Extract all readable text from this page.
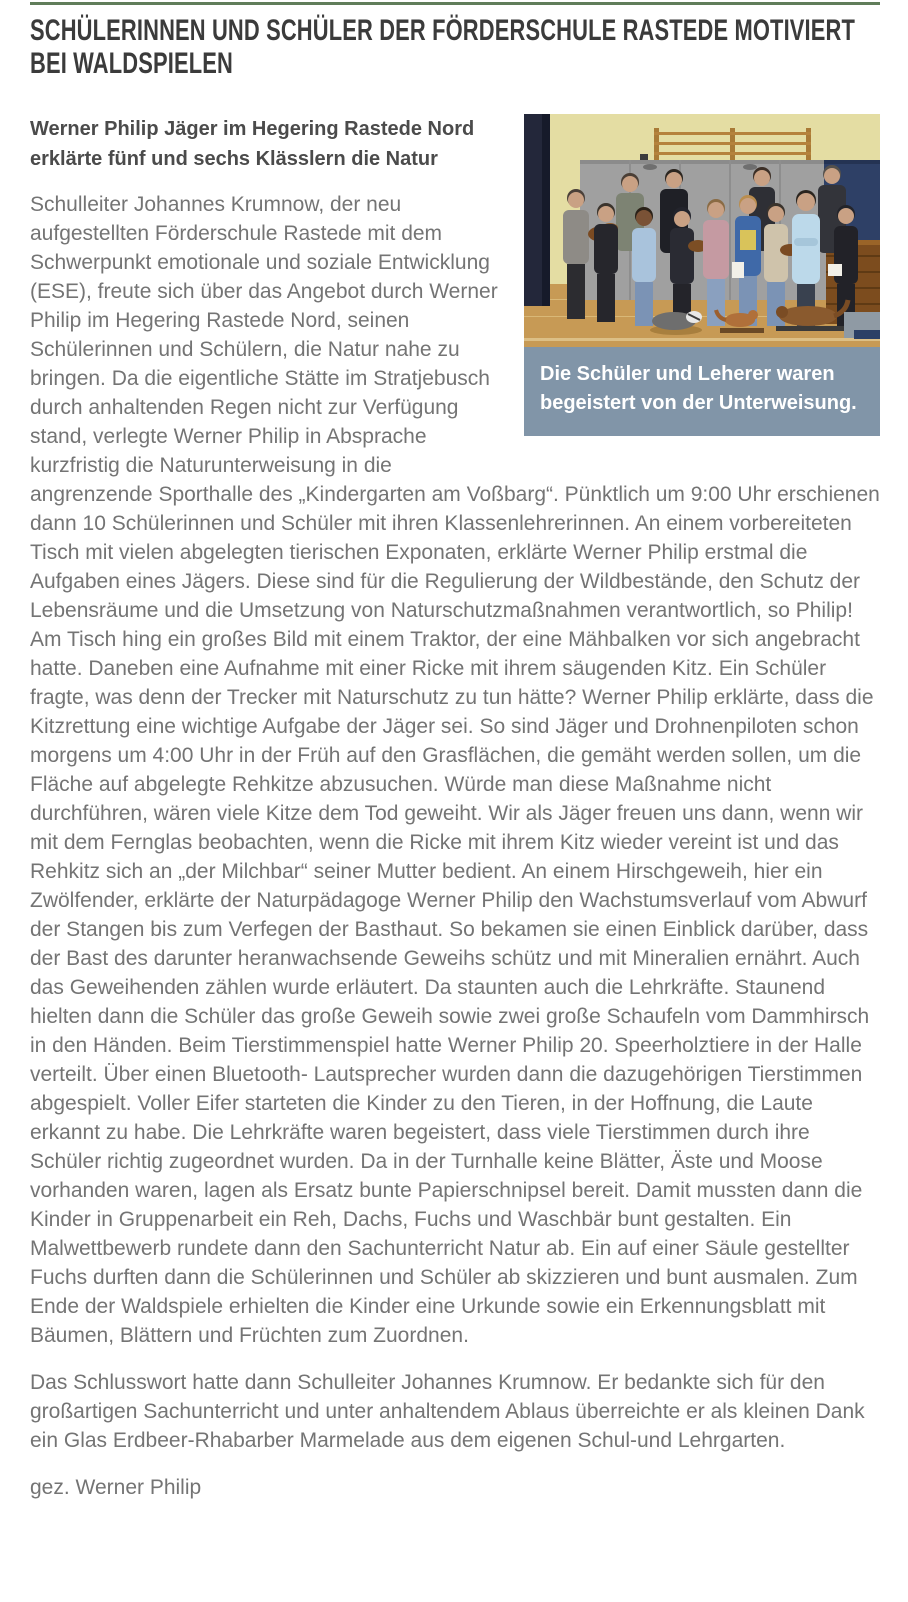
SCHÜLERINNEN UND SCHÜLER DER FÖRDERSCHULE RASTEDE MOTIVIERT
BEI WALDSPIELEN
Die Schüler und Leherer waren begeistert von der Unterweisung.
Werner Philip Jäger im Hegering Rastede Nord erklärte fünf und sechs Klässlern die Natur

Schulleiter Johannes Krumnow, der neu aufgestellten Förderschule Rastede mit dem Schwerpunkt emotionale und soziale Entwicklung (ESE), freute sich über das Angebot durch Werner Philip im Hegering Rastede Nord, seinen Schülerinnen und Schülern, die Natur nahe zu bringen. Da die eigentliche Stätte im Stratjebusch durch anhaltenden Regen nicht zur Verfügung stand, verlegte Werner Philip in Absprache kurzfristig die Naturunterweisung in die angrenzende Sporthalle des „Kindergarten am Voßbarg“. Pünktlich um 9:00 Uhr erschienen dann 10 Schülerinnen und Schüler mit ihren Klassenlehrerinnen. An einem vorbereiteten Tisch mit vielen abgelegten tierischen Exponaten, erklärte Werner Philip erstmal die Aufgaben eines Jägers. Diese sind für die Regulierung der Wildbestände, den Schutz der Lebensräume und die Umsetzung von Naturschutzmaßnahmen verantwortlich, so Philip! Am Tisch hing ein großes Bild mit einem Traktor, der eine Mähbalken vor sich angebracht hatte. Daneben eine Aufnahme mit einer Ricke mit ihrem säugenden Kitz. Ein Schüler fragte, was denn der Trecker mit Naturschutz zu tun hätte? Werner Philip erklärte, dass die Kitzrettung eine wichtige Aufgabe der Jäger sei. So sind Jäger und Drohnenpiloten schon morgens um 4:00 Uhr in der Früh auf den Grasflächen, die gemäht werden sollen, um die Fläche auf abgelegte Rehkitze abzusuchen. Würde man diese Maßnahme nicht durchführen, wären viele Kitze dem Tod geweiht. Wir als Jäger freuen uns dann, wenn wir mit dem Fernglas beobachten, wenn die Ricke mit ihrem Kitz wieder vereint ist und das Rehkitz sich an „der Milchbar“ seiner Mutter bedient. An einem Hirschgeweih, hier ein Zwölfender, erklärte der Naturpädagoge Werner Philip den Wachstumsverlauf vom Abwurf der Stangen bis zum Verfegen der Basthaut. So bekamen sie einen Einblick darüber, dass der Bast des darunter heranwachsende Geweihs schütz und mit Mineralien ernährt. Auch das Geweihenden zählen wurde erläutert. Da staunten auch die Lehrkräfte. Staunend hielten dann die Schüler das große Geweih sowie zwei große Schaufeln vom Dammhirsch in den Händen. Beim Tierstimmenspiel hatte Werner Philip 20. Speerholztiere in der Halle verteilt. Über einen Bluetooth- Lautsprecher wurden dann die dazugehörigen Tierstimmen abgespielt. Voller Eifer starteten die Kinder zu den Tieren, in der Hoffnung, die Laute erkannt zu habe. Die Lehrkräfte waren begeistert, dass viele Tierstimmen durch ihre Schüler richtig zugeordnet wurden. Da in der Turnhalle keine Blätter, Äste und Moose vorhanden waren, lagen als Ersatz bunte Papierschnipsel bereit. Damit mussten dann die Kinder in Gruppenarbeit ein Reh, Dachs, Fuchs und Waschbär bunt gestalten. Ein Malwettbewerb rundete dann den Sachunterricht Natur ab. Ein auf einer Säule gestellter Fuchs durften dann die Schülerinnen und Schüler ab skizzieren und bunt ausmalen. Zum Ende der Waldspiele erhielten die Kinder eine Urkunde sowie ein Erkennungsblatt mit Bäumen, Blättern und Früchten zum Zuordnen.

Das Schlusswort hatte dann Schulleiter Johannes Krumnow. Er bedankte sich für den großartigen Sachunterricht und unter anhaltendem Ablaus überreichte er als kleinen Dank ein Glas Erdbeer-Rhabarber Marmelade aus dem eigenen Schul-und Lehrgarten.

gez. Werner Philip
